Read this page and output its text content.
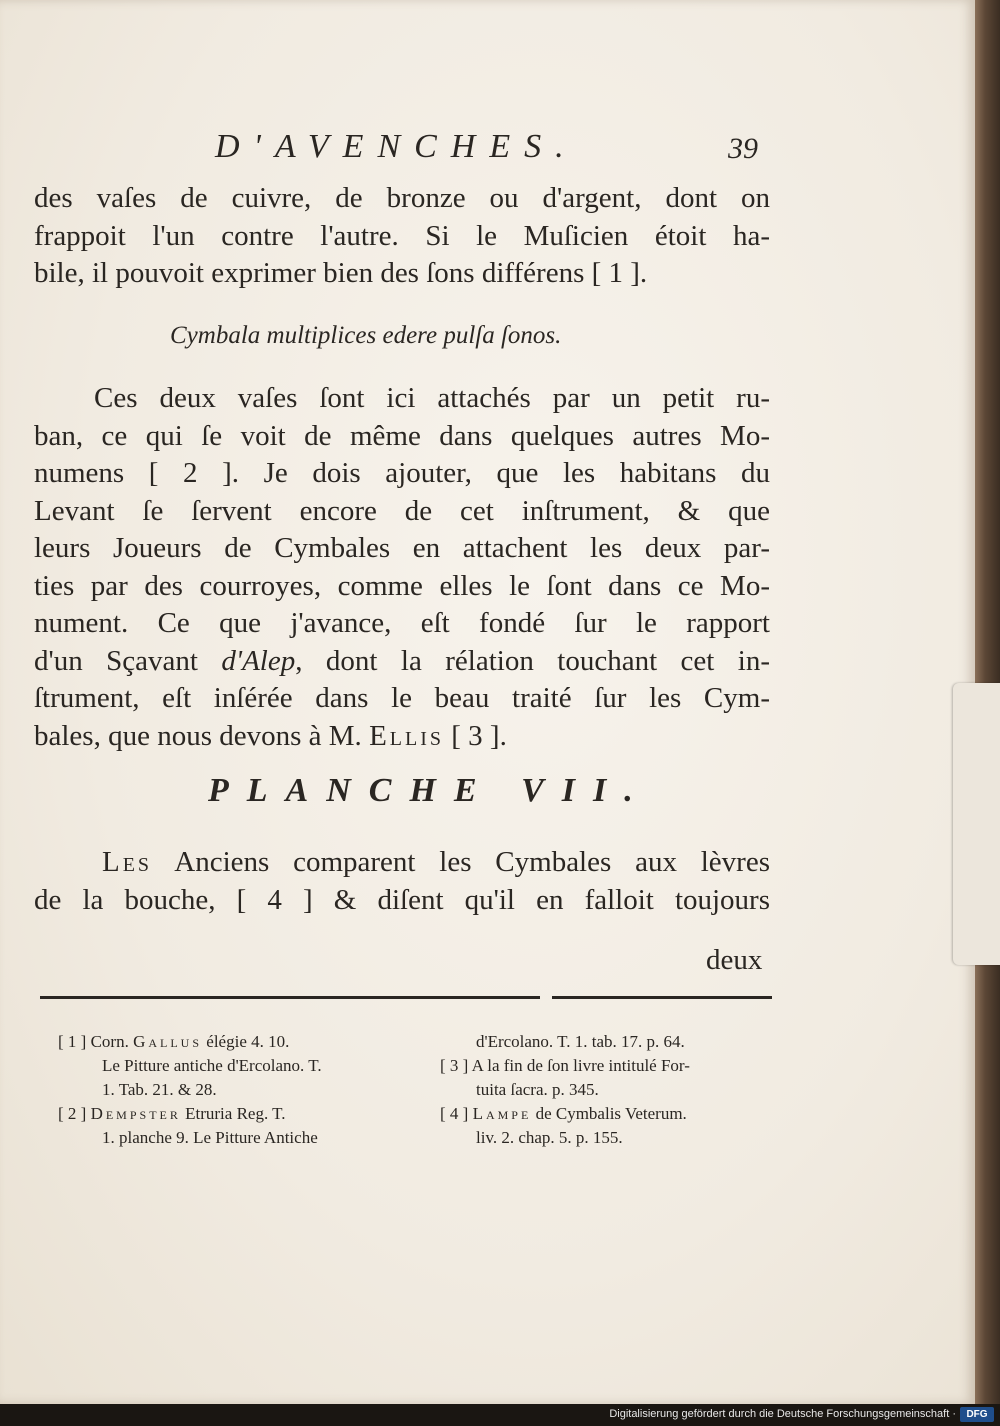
D'AVENCHES.	39
des vaſes de cuivre, de bronze ou d'argent, dont on
frappoit l'un contre l'autre. Si le Muſicien étoit ha-
bile, il pouvoit exprimer bien des ſons différens [ 1 ].
Cymbala multiplices edere pulſa ſonos.
Ces deux vaſes ſont ici attachés par un petit ru-
ban, ce qui ſe voit de même dans quelques autres Mo-
numens [ 2 ]. Je dois ajouter, que les habitans du
Levant ſe ſervent encore de cet inſtrument, & que
leurs Joueurs de Cymbales en attachent les deux par-
ties par des courroyes, comme elles le ſont dans ce Mo-
nument. Ce que j'avance, eſt fondé ſur le rapport
d'un Sçavant d'Alep, dont la rélation touchant cet in-
ſtrument, eſt inſérée dans le beau traité ſur les Cym-
bales, que nous devons à M. Ellis [ 3 ].
PLANCHE VII.
Les Anciens comparent les Cymbales aux lèvres
de la bouche, [ 4 ] & diſent qu'il en falloit toujours
deux
[ 1 ] Corn. Gallus élégie 4. 10.
Le Pitture antiche d'Ercolano. T.
1. Tab. 21. & 28.
[ 2 ] Dempster Etruria Reg. T.
1. planche 9. Le Pitture Antiche
d'Ercolano. T. 1. tab. 17. p. 64.
[ 3 ] A la fin de ſon livre intitulé For-
tuita ſacra. p. 345.
[ 4 ] Lampe de Cymbalis Veterum.
liv. 2. chap. 5. p. 155.
Digitalisierung gefördert durch die Deutsche Forschungsgemeinschaft ·	DFG
